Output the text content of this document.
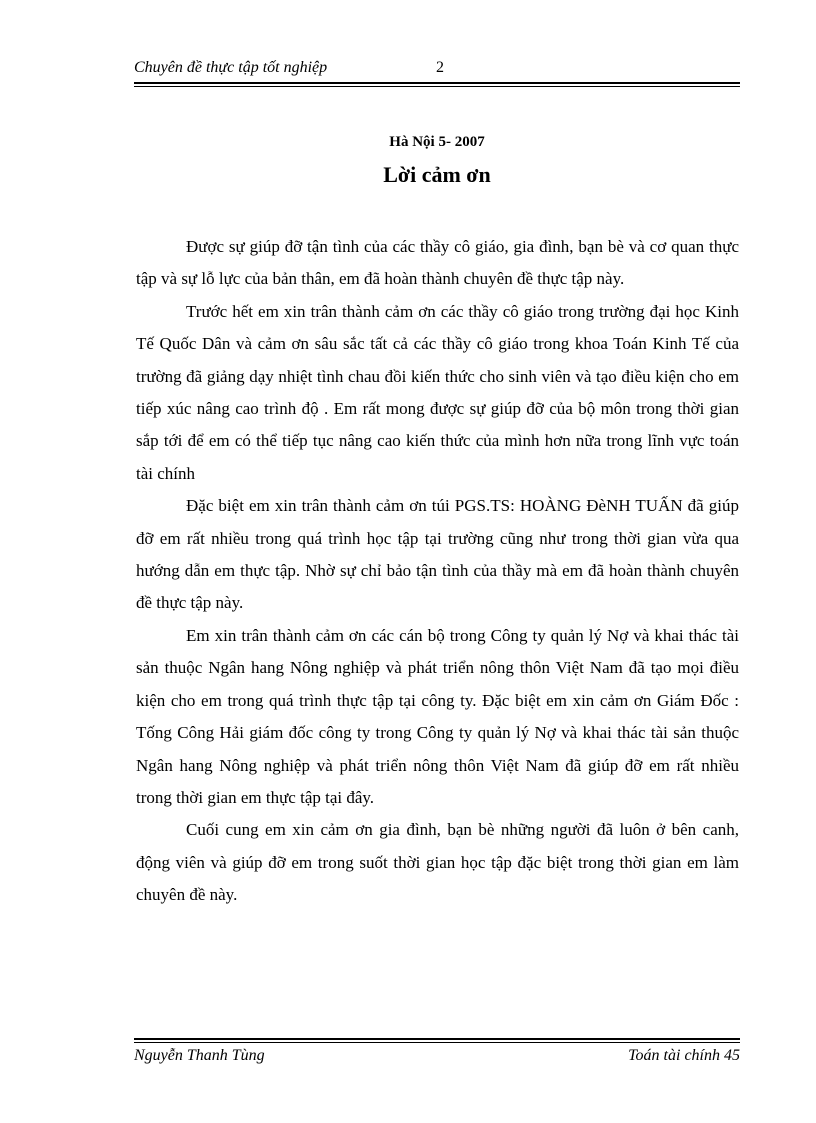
Chuyên đề thực tập tốt nghiệp	2
Hà Nội 5- 2007
Lời cảm ơn

Được sự giúp đỡ tận tình của các thầy cô giáo, gia đình, bạn bè và cơ quan thực tập và sự lỗ lực của bản thân, em đã hoàn thành chuyên đề thực tập này.

Trước hết em xin trân thành cảm ơn các thầy cô giáo trong trường đại học Kinh Tế Quốc Dân và cảm ơn sâu sắc tất cả các thầy cô giáo trong khoa Toán Kinh Tế của trường đã giảng dạy nhiệt tình chau đồi kiến thức cho sinh viên và tạo điều kiện cho em tiếp xúc nâng cao trình độ . Em rất mong được sự giúp đỡ của bộ môn trong thời gian sắp tới để em có thể tiếp tục nâng cao kiến thức của mình hơn nữa trong lĩnh vực toán tài chính

Đặc biệt em xin trân thành cảm ơn túi PGS.TS: HOÀNG ĐèNH TUẤN đã giúp đỡ em rất nhiều trong quá trình học tập tại trường cũng như trong thời gian vừa qua hướng dẫn em thực tập. Nhờ sự chỉ bảo tận tình của thầy mà em đã hoàn thành chuyên đề thực tập này.

Em xin trân thành cảm ơn các cán bộ trong Công ty quản lý Nợ và khai thác tài sản thuộc Ngân hang Nông nghiệp và phát triển nông thôn Việt Nam đã tạo mọi điều kiện cho em trong quá trình thực tập tại công ty. Đặc biệt em xin cảm ơn Giám Đốc : Tống Công Hải giám đốc công ty trong Công ty quản lý Nợ và khai thác tài sản thuộc Ngân hang Nông nghiệp và phát triển nông thôn Việt Nam đã giúp đỡ em rất nhiều trong thời gian em thực tập tại đây.

Cuối cung em xin cảm ơn gia đình, bạn bè những người đã luôn ở bên canh, động viên và giúp đỡ em trong suốt thời gian học tập đặc biệt trong thời gian em làm chuyên đề này.

Nguyễn Thanh Tùng	Toán tài chính 45
